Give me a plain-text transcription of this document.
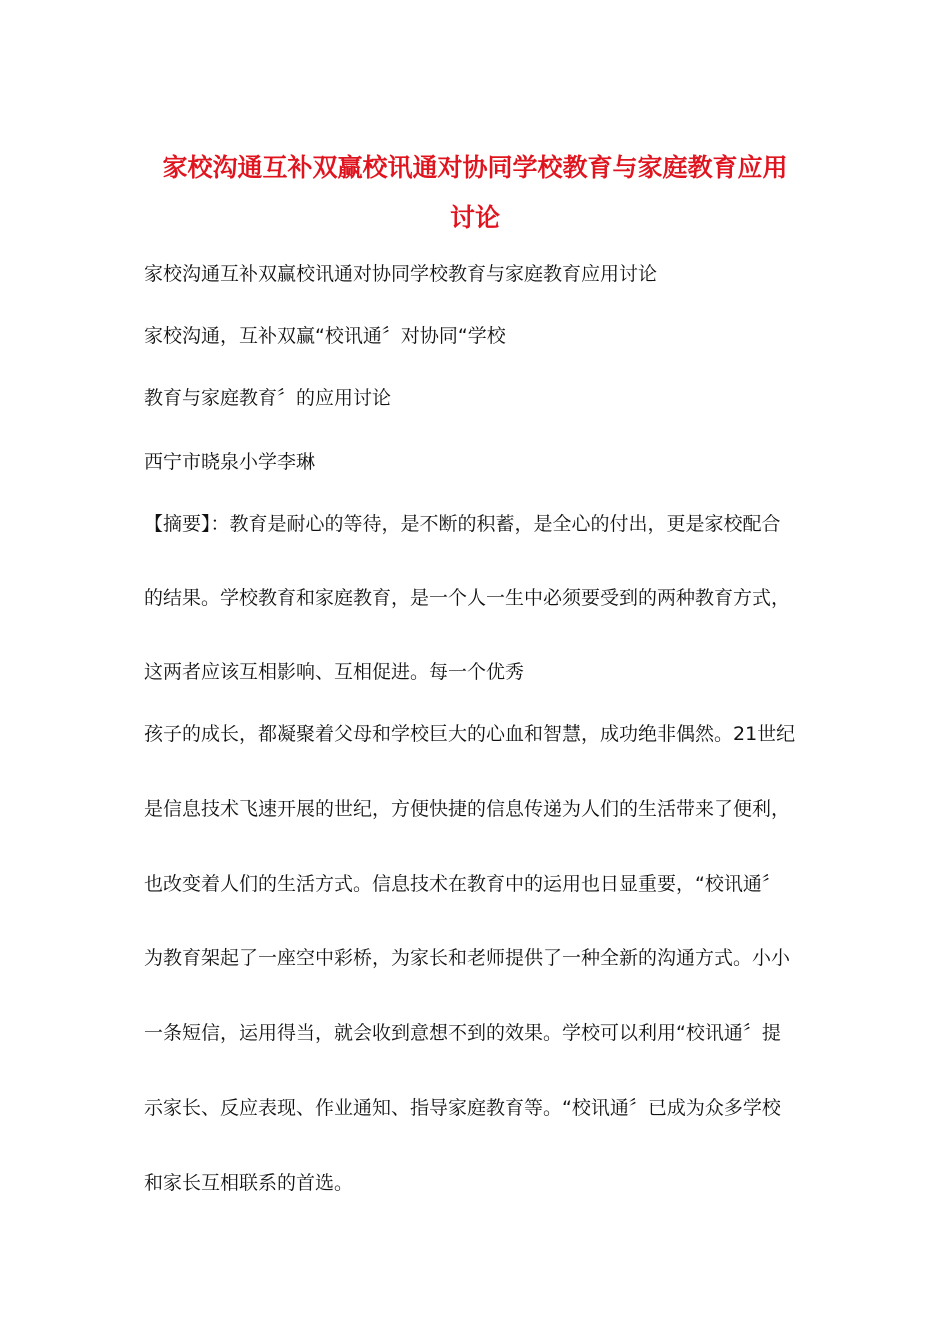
家校沟通互补双赢校讯通对协同学校教育与家庭教育应用
讨论
家校沟通互补双赢校讯通对协同学校教育与家庭教育应用讨论
家校沟通，互补双赢“校讯通〞对协同“学校
教育与家庭教育〞的应用讨论
西宁市晓泉小学李琳
【摘要】：教育是耐心的等待，是不断的积蓄，是全心的付出，更是家校配合
的结果。学校教育和家庭教育，是一个人一生中必须要受到的两种教育方式，
这两者应该互相影响、互相促进。每一个优秀
孩子的成长，都凝聚着父母和学校巨大的心血和智慧，成功绝非偶然。21世纪
是信息技术飞速开展的世纪，方便快捷的信息传递为人们的生活带来了便利，
也改变着人们的生活方式。信息技术在教育中的运用也日显重要，“校讯通〞
为教育架起了一座空中彩桥，为家长和老师提供了一种全新的沟通方式。小小
一条短信，运用得当，就会收到意想不到的效果。学校可以利用“校讯通〞提
示家长、反应表现、作业通知、指导家庭教育等。“校讯通〞已成为众多学校
和家长互相联系的首选。
